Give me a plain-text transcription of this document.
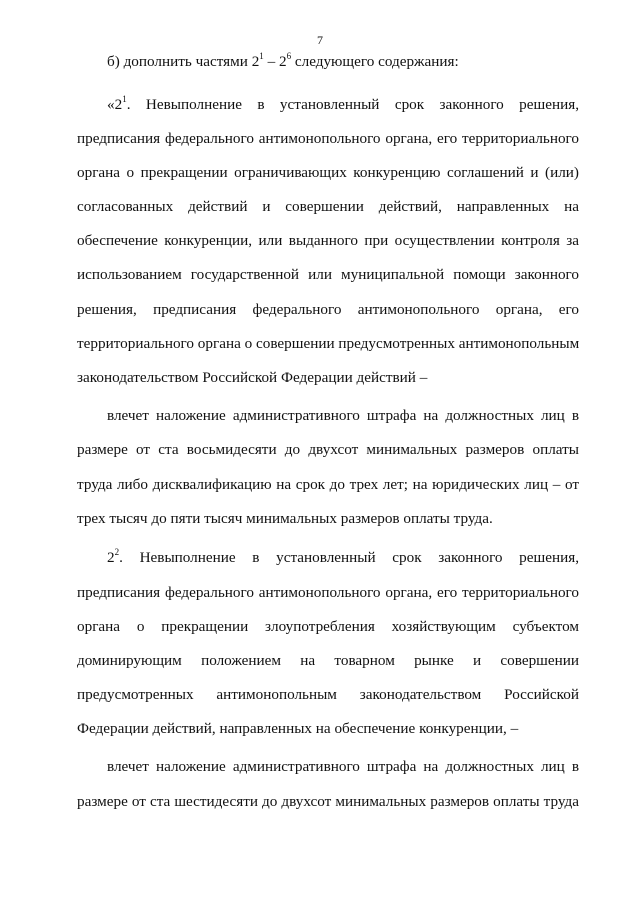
7
б) дополнить частями $2^1 - 2^6$ следующего содержания:
«$2^1$. Невыполнение в установленный срок законного решения,
предписания федерального антимонопольного органа, его территориального
органа о прекращении ограничивающих конкуренцию соглашений и (или)
согласованных действий и совершении действий, направленных на
обеспечение конкуренции, или выданного при осуществлении контроля за
использованием государственной или муниципальной помощи законного
решения, предписания федерального антимонопольного органа, его
территориального органа о совершении предусмотренных антимонопольным
законодательством Российской Федерации действий –
влечет наложение административного штрафа на должностных лиц в
размере от ста восьмидесяти до двухсот минимальных размеров оплаты
труда либо дисквалификацию на срок до трех лет; на юридических лиц – от
трех тысяч до пяти тысяч минимальных размеров оплаты труда.
$2^2$. Невыполнение в установленный срок законного решения,
предписания федерального антимонопольного органа, его территориального
органа о прекращении злоупотребления хозяйствующим субъектом
доминирующим положением на товарном рынке и совершении
предусмотренных антимонопольным законодательством Российской
Федерации действий, направленных на обеспечение конкуренции, –
влечет наложение административного штрафа на должностных лиц в
размере от ста шестидесяти до двухсот минимальных размеров оплаты труда
